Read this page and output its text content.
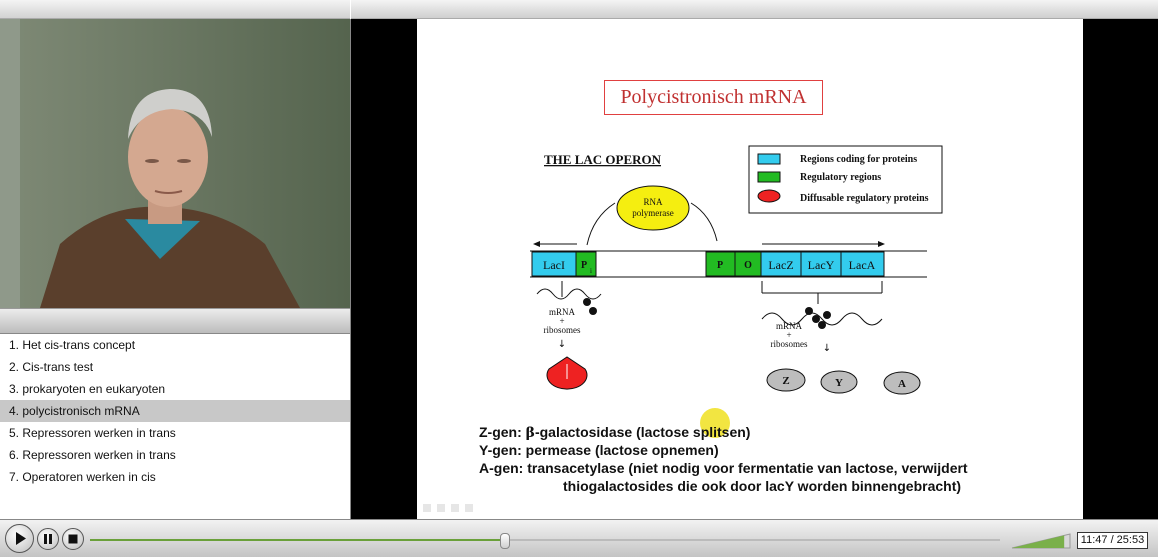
1. Het cis-trans concept
2. Cis-trans test
3. prokaryoten en eukaryoten
4. polycistronisch mRNA
5. Repressoren werken in trans
6. Repressoren werken in trans
7. Operatoren werken in cis
Polycistronisch mRNA
THE LAC OPERON	Regions coding for proteins
Regulatory regions
Diffusable regulatory proteins
RNA polymerase
LacI P i	P O LacZ LacY LacA
mRNA
+
ribosomes
↓
mRNA
+
ribosomes ↓
Z	Y	A
Z-gen: β-galactosidase (lactose splitsen)
Y-gen: permease (lactose opnemen)
A-gen: transacetylase (niet nodig voor fermentatie van lactose, verwijdert
thiogalactosides die ook door lacY worden binnengebracht)
11:47 / 25:53
